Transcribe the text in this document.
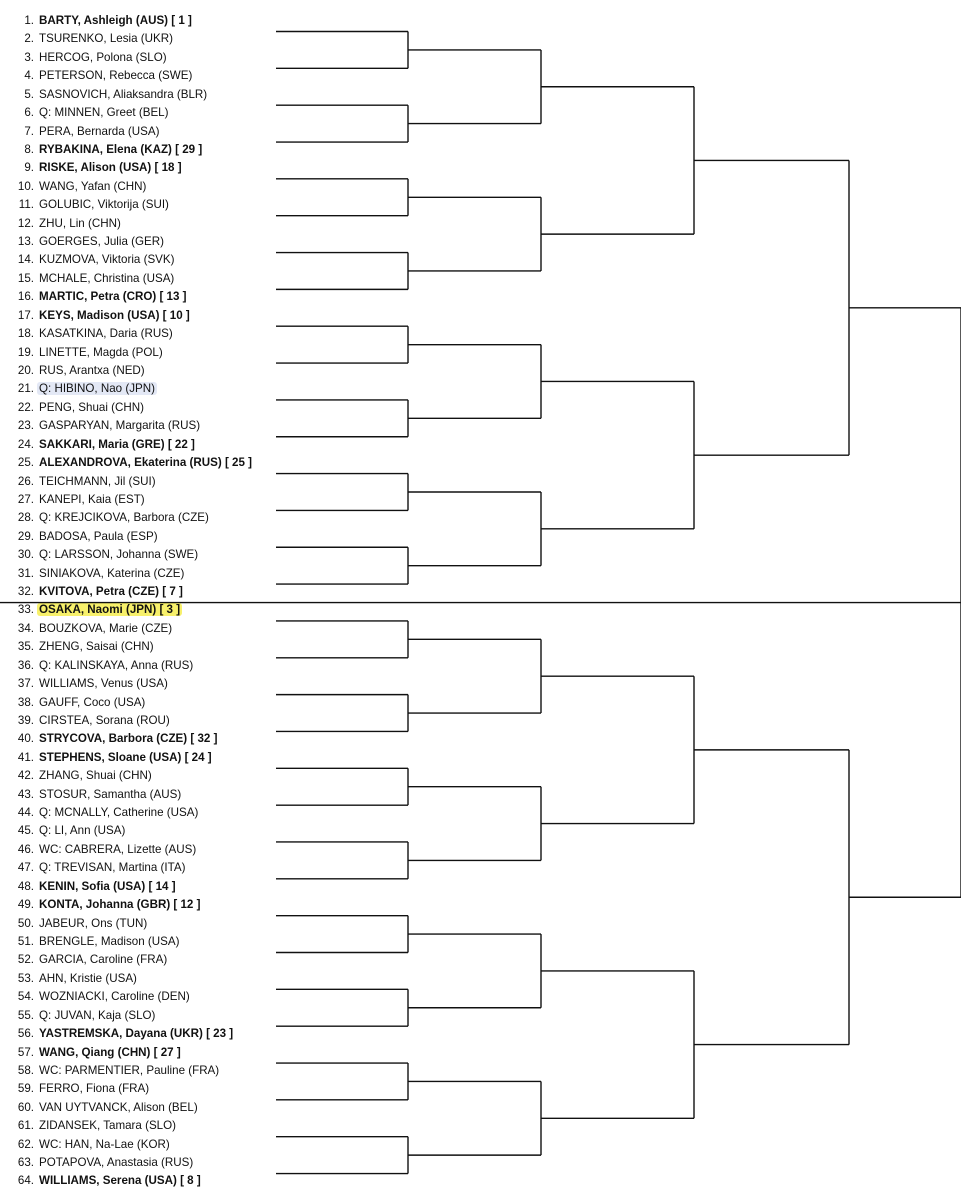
1. BARTY, Ashleigh (AUS) [ 1 ]
2. TSURENKO, Lesia (UKR)
3. HERCOG, Polona (SLO)
4. PETERSON, Rebecca (SWE)
5. SASNOVICH, Aliaksandra (BLR)
6. Q: MINNEN, Greet (BEL)
7. PERA, Bernarda (USA)
8. RYBAKINA, Elena (KAZ) [ 29 ]
9. RISKE, Alison (USA) [ 18 ]
10. WANG, Yafan (CHN)
11. GOLUBIC, Viktorija (SUI)
12. ZHU, Lin (CHN)
13. GOERGES, Julia (GER)
14. KUZMOVA, Viktoria (SVK)
15. MCHALE, Christina (USA)
16. MARTIC, Petra (CRO) [ 13 ]
17. KEYS, Madison (USA) [ 10 ]
18. KASATKINA, Daria (RUS)
19. LINETTE, Magda (POL)
20. RUS, Arantxa (NED)
21. Q: HIBINO, Nao (JPN)
22. PENG, Shuai (CHN)
23. GASPARYAN, Margarita (RUS)
24. SAKKARI, Maria (GRE) [ 22 ]
25. ALEXANDROVA, Ekaterina (RUS) [ 25 ]
26. TEICHMANN, Jil (SUI)
27. KANEPI, Kaia (EST)
28. Q: KREJCIKOVA, Barbora (CZE)
29. BADOSA, Paula (ESP)
30. Q: LARSSON, Johanna (SWE)
31. SINIAKOVA, Katerina (CZE)
32. KVITOVA, Petra (CZE) [ 7 ]
33. OSAKA, Naomi (JPN) [ 3 ]
34. BOUZKOVA, Marie (CZE)
35. ZHENG, Saisai (CHN)
36. Q: KALINSKAYA, Anna (RUS)
37. WILLIAMS, Venus (USA)
38. GAUFF, Coco (USA)
39. CIRSTEA, Sorana (ROU)
40. STRYCOVA, Barbora (CZE) [ 32 ]
41. STEPHENS, Sloane (USA) [ 24 ]
42. ZHANG, Shuai (CHN)
43. STOSUR, Samantha (AUS)
44. Q: MCNALLY, Catherine (USA)
45. Q: LI, Ann (USA)
46. WC: CABRERA, Lizette (AUS)
47. Q: TREVISAN, Martina (ITA)
48. KENIN, Sofia (USA) [ 14 ]
49. KONTA, Johanna (GBR) [ 12 ]
50. JABEUR, Ons (TUN)
51. BRENGLE, Madison (USA)
52. GARCIA, Caroline (FRA)
53. AHN, Kristie (USA)
54. WOZNIACKI, Caroline (DEN)
55. Q: JUVAN, Kaja (SLO)
56. YASTREMSKA, Dayana (UKR) [ 23 ]
57. WANG, Qiang (CHN) [ 27 ]
58. WC: PARMENTIER, Pauline (FRA)
59. FERRO, Fiona (FRA)
60. VAN UYTVANCK, Alison (BEL)
61. ZIDANSEK, Tamara (SLO)
62. WC: HAN, Na-Lae (KOR)
63. POTAPOVA, Anastasia (RUS)
64. WILLIAMS, Serena (USA) [ 8 ]
